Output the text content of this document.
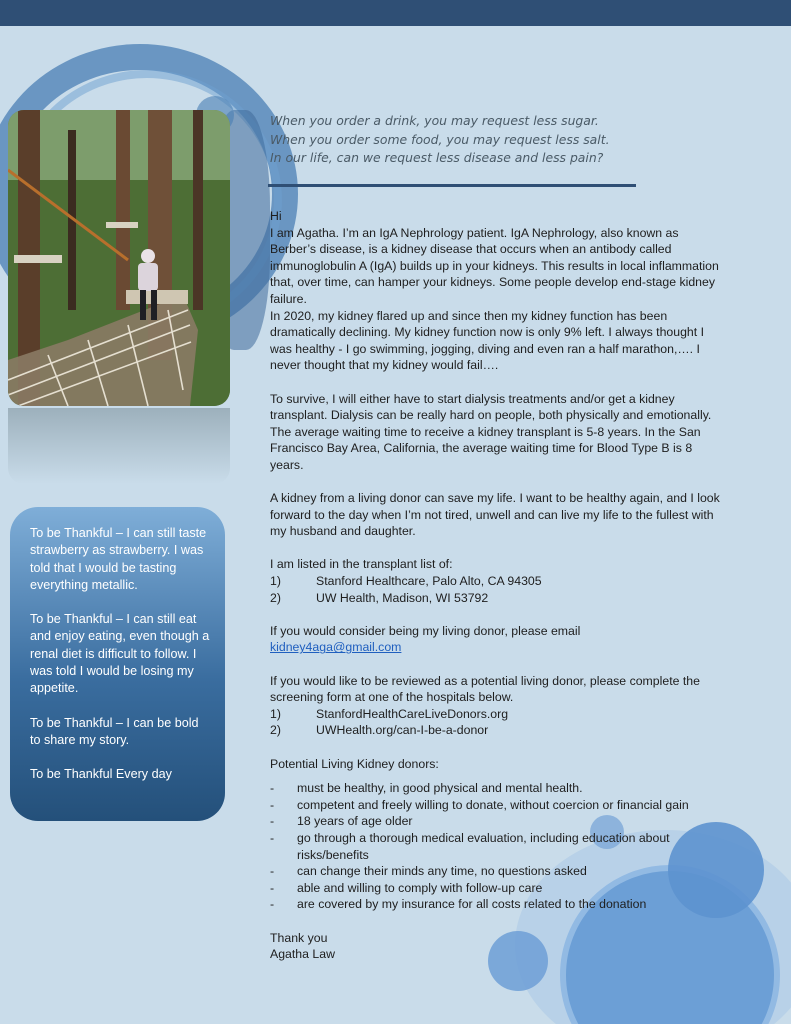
To be Thankful – I can still taste strawberry as strawberry. I was told that I would be tasting everything metallic.

To be Thankful – I can still eat and enjoy eating, even though a renal diet is difficult to follow. I was told I would be losing my appetite.

To be Thankful – I can be bold to share my story.

To be Thankful Every day

When you order a drink, you may request less sugar.
When you order some food, you may request less salt.
In our life, can we request less disease and less pain?
Hi
I am Agatha. I’m an IgA Nephrology patient. IgA Nephrology, also known as Berber’s disease, is a kidney disease that occurs when an antibody called immunoglobulin A (IgA) builds up in your kidneys. This results in local inflammation that, over time, can hamper your kidneys. Some people develop end-stage kidney failure.
In 2020, my kidney flared up and since then my kidney function has been dramatically declining. My kidney function now is only 9% left. I always thought I was healthy - I go swimming, jogging, diving and even ran a half marathon,…. I never thought that my kidney would fail….
To survive, I will either have to start dialysis treatments and/or get a kidney transplant. Dialysis can be really hard on people, both physically and emotionally. The average waiting time to receive a kidney transplant is 5-8 years. In the San Francisco Bay Area, California, the average waiting time for Blood Type B is 8 years.
A kidney from a living donor can save my life. I want to be healthy again, and I look forward to the day when I’m not tired, unwell and can live my life to the fullest with my husband and daughter.
I am listed in the transplant list of:
1)	Stanford Healthcare, Palo Alto, CA 94305
2)	UW Health, Madison, WI 53792
If you would consider being my living donor, please email
kidney4aga@gmail.com
If you would like to be reviewed as a potential living donor, please complete the screening form at one of the hospitals below.
1)	StanfordHealthCareLiveDonors.org
2)	UWHealth.org/can-I-be-a-donor
Potential Living Kidney donors:
-	must be healthy, in good physical and mental health.
-	competent and freely willing to donate, without coercion or financial gain
-	18 years of age older
-	go through a thorough medical evaluation, including education about risks/benefits
-	can change their minds any time, no questions asked
-	able and willing to comply with follow-up care
-	are covered by my insurance for all costs related to the donation
Thank you
Agatha Law
